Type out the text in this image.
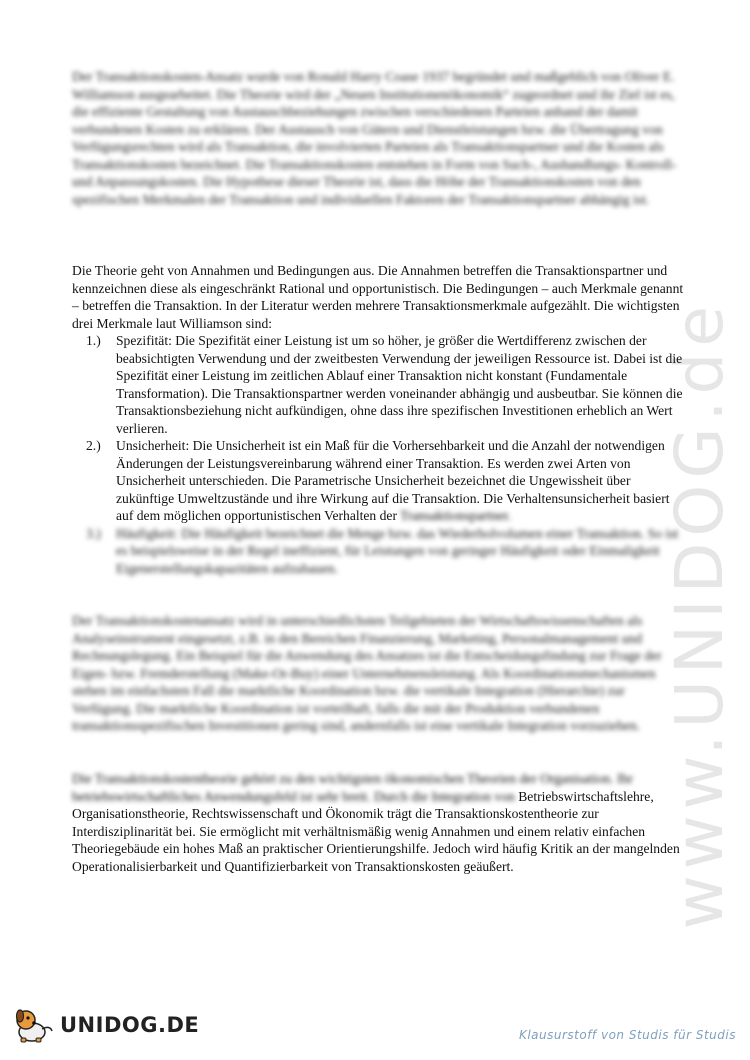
www.UNIDOG.de

Der Transaktionskosten-Ansatz wurde von Ronald Harry Coase 1937 begründet und maßgeblich von Oliver E. Williamson ausgearbeitet. Die Theorie wird der „Neuen Institutionenökonomik“ zugeordnet und ihr Ziel ist es, die effiziente Gestaltung von Austauschbeziehungen zwischen verschiedenen Parteien anhand der damit verbundenen Kosten zu erklären. Der Austausch von Gütern und Dienstleistungen bzw. die Übertragung von Verfügungsrechten wird als Transaktion, die involvierten Parteien als Transaktionspartner und die Kosten als Transaktionskosten bezeichnet. Die Transaktionskosten entstehen in Form von Such-, Aushandlungs- Kontroll- und Anpassungskosten. Die Hypothese dieser Theorie ist, dass die Höhe der Transaktionskosten von den spezifischen Merkmalen der Transaktion und individuellen Faktoren der Transaktionspartner abhängig ist.

Die Theorie geht von Annahmen und Bedingungen aus. Die Annahmen betreffen die Transaktionspartner und kennzeichnen diese als eingeschränkt Rational und opportunistisch. Die Bedingungen – auch Merkmale genannt – betreffen die Transaktion. In der Literatur werden mehrere Transaktionsmerkmale aufgezählt. Die wichtigsten drei Merkmale laut Williamson sind:

1.) Spezifität: Die Spezifität einer Leistung ist um so höher, je größer die Wertdifferenz zwischen der beabsichtigten Verwendung und der zweitbesten Verwendung der jeweiligen Ressource ist. Dabei ist die Spezifität einer Leistung im zeitlichen Ablauf einer Transaktion nicht konstant (Fundamentale Transformation). Die Transaktionspartner werden voneinander abhängig und ausbeutbar. Sie können die Transaktionsbeziehung nicht aufkündigen, ohne dass ihre spezifischen Investitionen erheblich an Wert verlieren.
2.) Unsicherheit: Die Unsicherheit ist ein Maß für die Vorhersehbarkeit und die Anzahl der notwendigen Änderungen der Leistungsvereinbarung während einer Transaktion. Es werden zwei Arten von Unsicherheit unterschieden. Die Parametrische Unsicherheit bezeichnet die Ungewissheit über zukünftige Umweltzustände und ihre Wirkung auf die Transaktion. Die Verhaltensunsicherheit basiert auf dem möglichen opportunistischen Verhalten der Transaktionspartner.
3.) Häufigkeit: Die Häufigkeit bezeichnet die Menge bzw. das Wiederholvolumen einer Transaktion. So ist es beispielsweise in der Regel ineffizient, für Leistungen von geringer Häufigkeit oder Einmaligkeit Eigenerstellungskapazitäten aufzubauen.

Der Transaktionskostenansatz wird in unterschiedlichsten Teilgebieten der Wirtschaftswissenschaften als Analyseinstrument eingesetzt, z.B. in den Bereichen Finanzierung, Marketing, Personalmanagement und Rechnungslegung. Ein Beispiel für die Anwendung des Ansatzes ist die Entscheidungsfindung zur Frage der Eigen- bzw. Fremderstellung (Make-Or-Buy) einer Unternehmensleistung. Als Koordinationsmechanismen stehen im einfachsten Fall die marktliche Koordination bzw. die vertikale Integration (Hierarchie) zur Verfügung. Die marktliche Koordination ist vorteilhaft, falls die mit der Produktion verbundenen transaktionsspezifischen Investitionen gering sind, andernfalls ist eine vertikale Integration vorzuziehen.

Die Transaktionskostentheorie gehört zu den wichtigsten ökonomischen Theorien der Organisation. Ihr betriebswirtschaftliches Anwendungsfeld ist sehr breit. Durch die Integration von Betriebswirtschaftslehre, Organisationstheorie, Rechtswissenschaft und Ökonomik trägt die Transaktionskostentheorie zur Interdisziplinarität bei. Sie ermöglicht mit verhältnismäßig wenig Annahmen und einem relativ einfachen Theoriegebäude ein hohes Maß an praktischer Orientierungshilfe. Jedoch wird häufig Kritik an der mangelnden Operationalisierbarkeit und Quantifizierbarkeit von Transaktionskosten geäußert.
UNIDOG.DE	Klausurstoff von Studis für Studis
